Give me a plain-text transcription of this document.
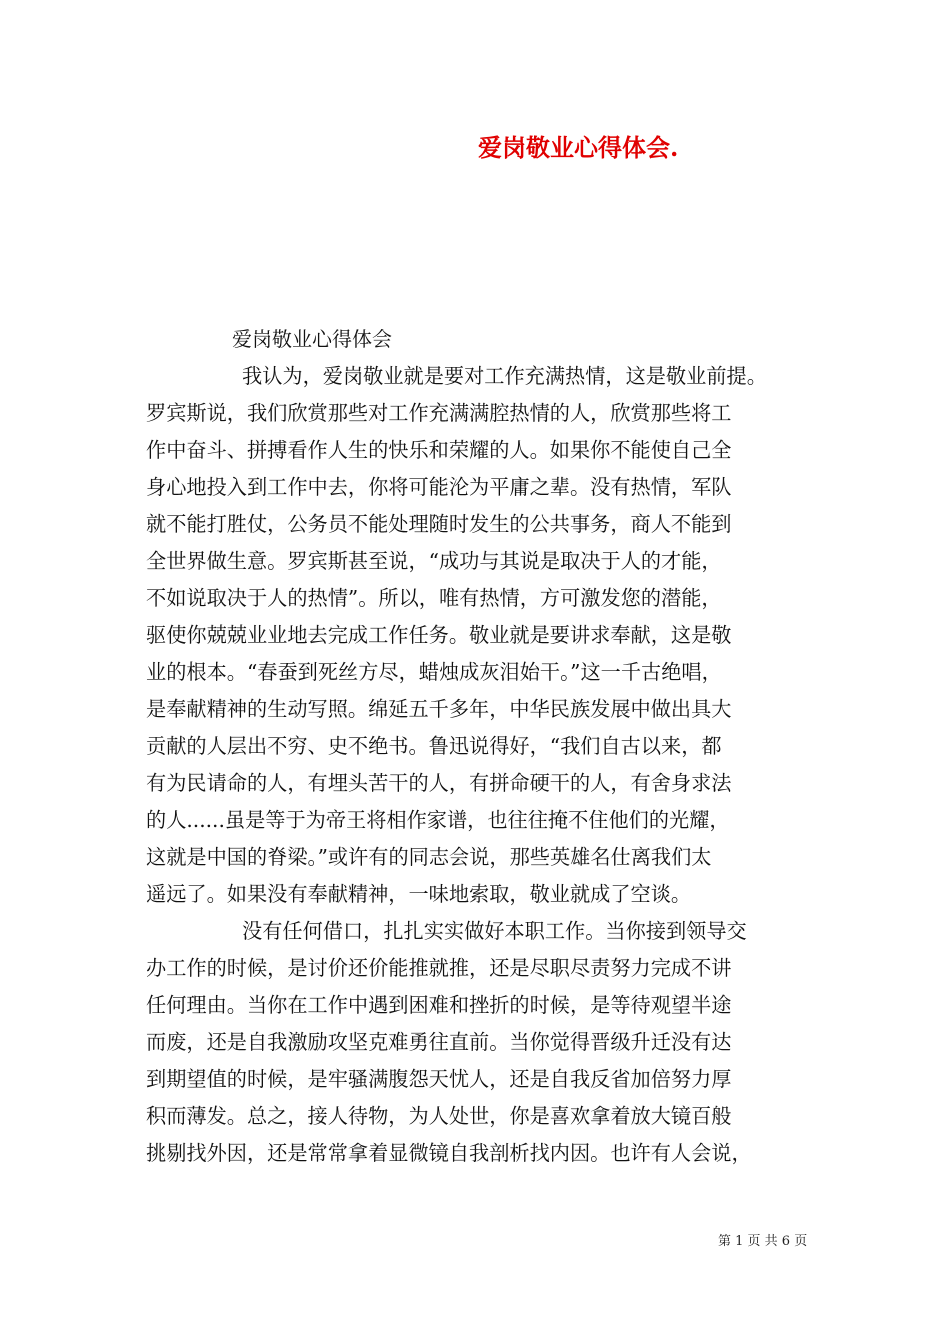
爱岗敬业心得体会.
爱岗敬业心得体会
我认为，爱岗敬业就是要对工作充满热情，这是敬业前提。
罗宾斯说，我们欣赏那些对工作充满满腔热情的人，欣赏那些将工
作中奋斗、拼搏看作人生的快乐和荣耀的人。如果你不能使自己全
身心地投入到工作中去，你将可能沦为平庸之辈。没有热情，军队
就不能打胜仗，公务员不能处理随时发生的公共事务，商人不能到
全世界做生意。罗宾斯甚至说，“成功与其说是取决于人的才能，
不如说取决于人的热情”。所以，唯有热情，方可激发您的潜能，
驱使你兢兢业业地去完成工作任务。敬业就是要讲求奉献，这是敬
业的根本。“春蚕到死丝方尽，蜡烛成灰泪始干。”这一千古绝唱，
是奉献精神的生动写照。绵延五千多年，中华民族发展中做出具大
贡献的人层出不穷、史不绝书。鲁迅说得好，“我们自古以来，都
有为民请命的人，有埋头苦干的人，有拼命硬干的人，有舍身求法
的人......虽是等于为帝王将相作家谱，也往往掩不住他们的光耀，
这就是中国的脊梁。”或许有的同志会说，那些英雄名仕离我们太
遥远了。如果没有奉献精神，一味地索取，敬业就成了空谈。
没有任何借口，扎扎实实做好本职工作。当你接到领导交
办工作的时候，是讨价还价能推就推，还是尽职尽责努力完成不讲
任何理由。当你在工作中遇到困难和挫折的时候，是等待观望半途
而废，还是自我激励攻坚克难勇往直前。当你觉得晋级升迁没有达
到期望值的时候，是牢骚满腹怨天忧人，还是自我反省加倍努力厚
积而薄发。总之，接人待物，为人处世，你是喜欢拿着放大镜百般
挑剔找外因，还是常常拿着显微镜自我剖析找内因。也许有人会说，
第 1 页 共 6 页
